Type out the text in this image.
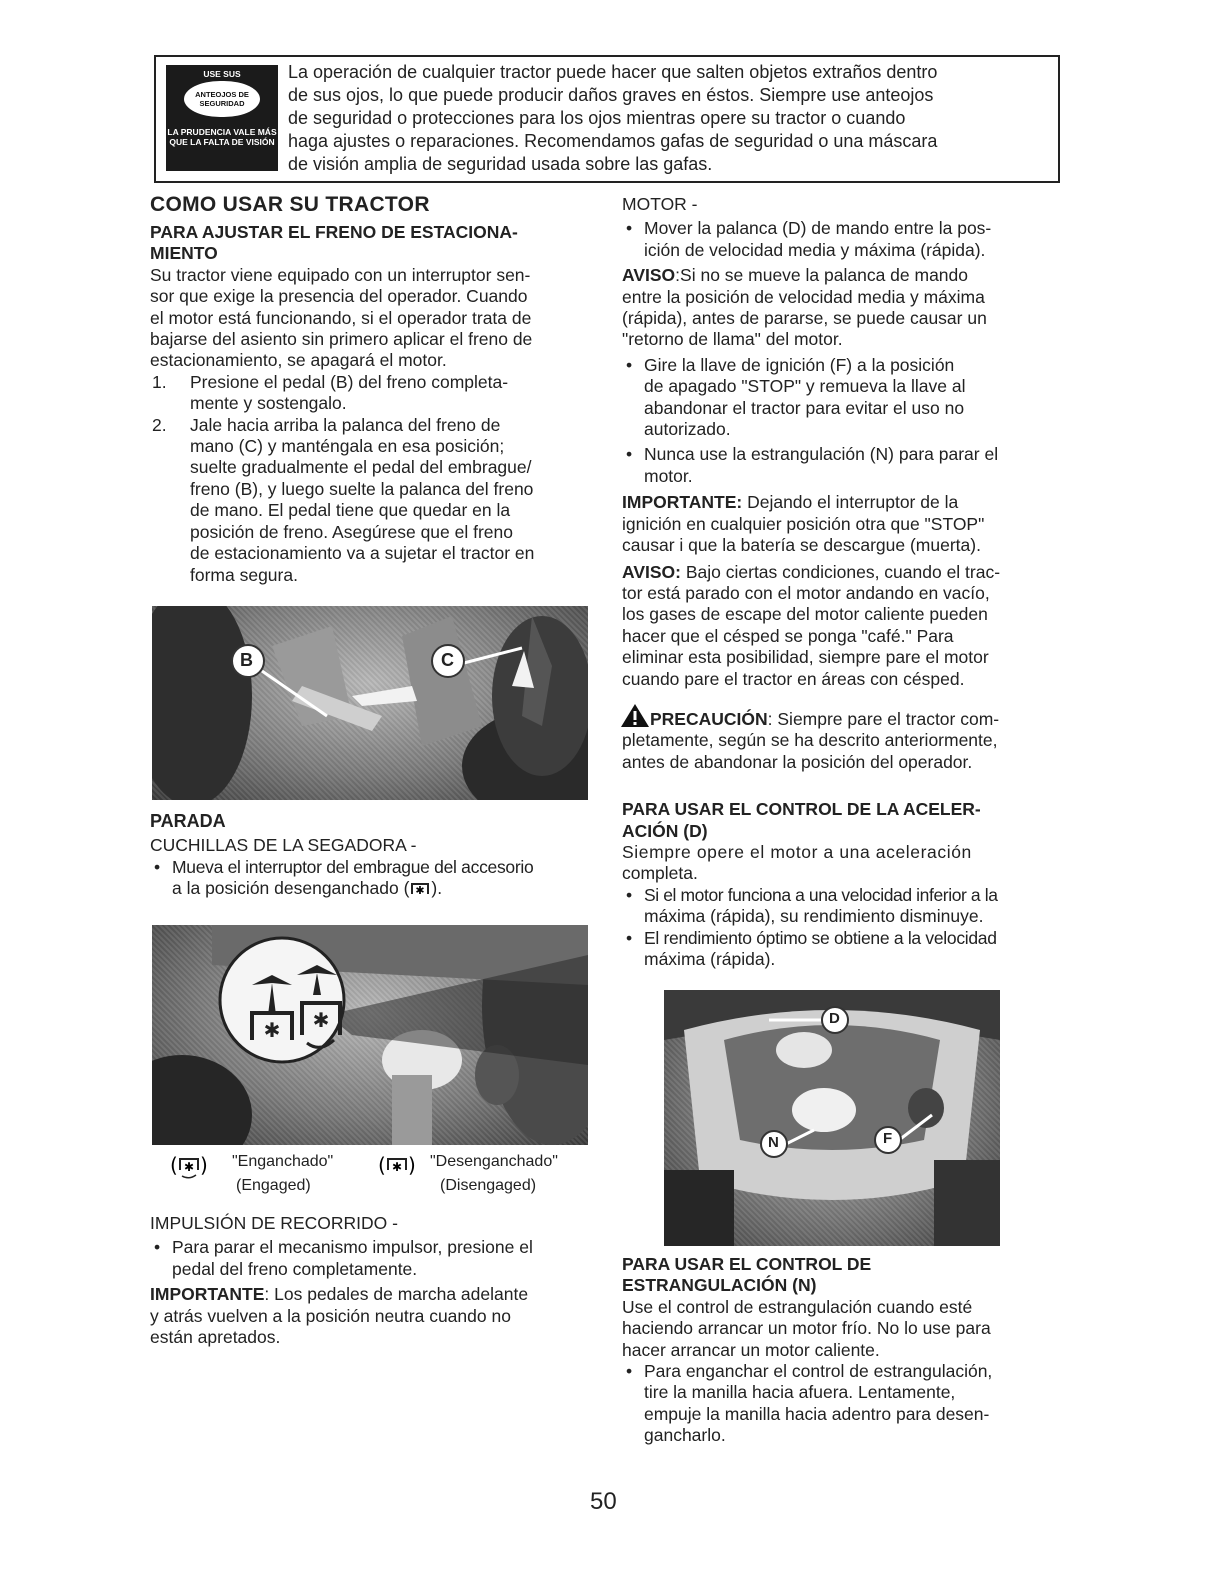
USE SUS
ANTEOJOS DE SEGURIDAD
LA PRUDENCIA VALE MÁS QUE LA FALTA DE VISIÓN
La operación de cualquier tractor puede hacer que salten objetos extraños dentro
de sus ojos, lo que puede producir daños graves en éstos. Siempre use anteojos
de seguridad o protecciones para los ojos mientras opere su tractor o cuando
haga ajustes o reparaciones. Recomendamos gafas de seguridad o una máscara
de visión amplia de seguridad usada sobre las gafas.
COMO USAR SU TRACTOR
PARA AJUSTAR EL FRENO DE ESTACIONA-
MIENTO
Su tractor viene equipado con un interruptor sen-
sor que exige la presencia del operador. Cuando
el motor está funcionando, si el operador trata de
bajarse del asiento sin primero aplicar el freno de
estacionamiento, se apagará el motor.
1. Presione el pedal (B) del freno completa-
mente y sostengalo.
2. Jale hacia arriba la palanca del freno de
mano (C) y manténgala en esa posición;
suelte gradualmente el pedal del embrague/
freno (B), y luego suelte la palanca del freno
de mano. El pedal tiene que quedar en la
posición de freno. Asegúrese que el freno
de estacionamiento va a sujetar el tractor en
forma segura.
B	C
PARADA
CUCHILLAS DE LA SEGADORA -
• Mueva el interruptor del embrague del accesorio
a la posición desenganchado ( ✱ ).
✱ ✱
( ✱ ) "Enganchado"
(Engaged)
( ✱ ) "Desenganchado"
(Disengaged)
IMPULSIÓN DE RECORRIDO -
• Para parar el mecanismo impulsor, presione el
pedal del freno completamente.
IMPORTANTE: Los pedales de marcha adelante
y atrás vuelven a la posición neutra cuando no
están apretados.
MOTOR -
• Mover la palanca (D) de mando entre la pos-
ición de velocidad media y máxima (rápida).
AVISO:Si no se mueve la palanca de mando
entre la posición de velocidad media y máxima
(rápida), antes de pararse, se puede causar un
"retorno de llama" del motor.
• Gire la llave de ignición (F) a la posición
de apagado "STOP" y remueva la llave al
abandonar el tractor para evitar el uso no
autorizado.
• Nunca use la estrangulación (N) para parar el
motor.
IMPORTANTE: Dejando el interruptor de la
ignición en cualquier posición otra que "STOP"
causar i que la batería se descargue (muerta).
AVISO: Bajo ciertas condiciones, cuando el trac-
tor está parado con el motor andando en vacío,
los gases de escape del motor caliente pueden
hacer que el césped se ponga "café." Para
eliminar esta posibilidad, siempre pare el motor
cuando pare el tractor en áreas con césped.
PRECAUCIÓN: Siempre pare el tractor com-
pletamente, según se ha descrito anteriormente,
antes de abandonar la posición del operador.
PARA USAR EL CONTROL DE LA ACELER-
ACIÓN (D)
Siempre opere el motor a una aceleración
completa.
• Si el motor funciona a una velocidad inferior a la
máxima (rápida), su rendimiento disminuye.
• El rendimiento óptimo se obtiene a la velocidad
máxima (rápida).
D
N	F
PARA USAR EL CONTROL DE
ESTRANGULACIÓN (N)
Use el control de estrangulación cuando esté
haciendo arrancar un motor frío. No lo use para
hacer arrancar un motor caliente.
• Para enganchar el control de estrangulación,
tire la manilla hacia afuera. Lentamente,
empuje la manilla hacia adentro para desen-
gancharlo.
50
